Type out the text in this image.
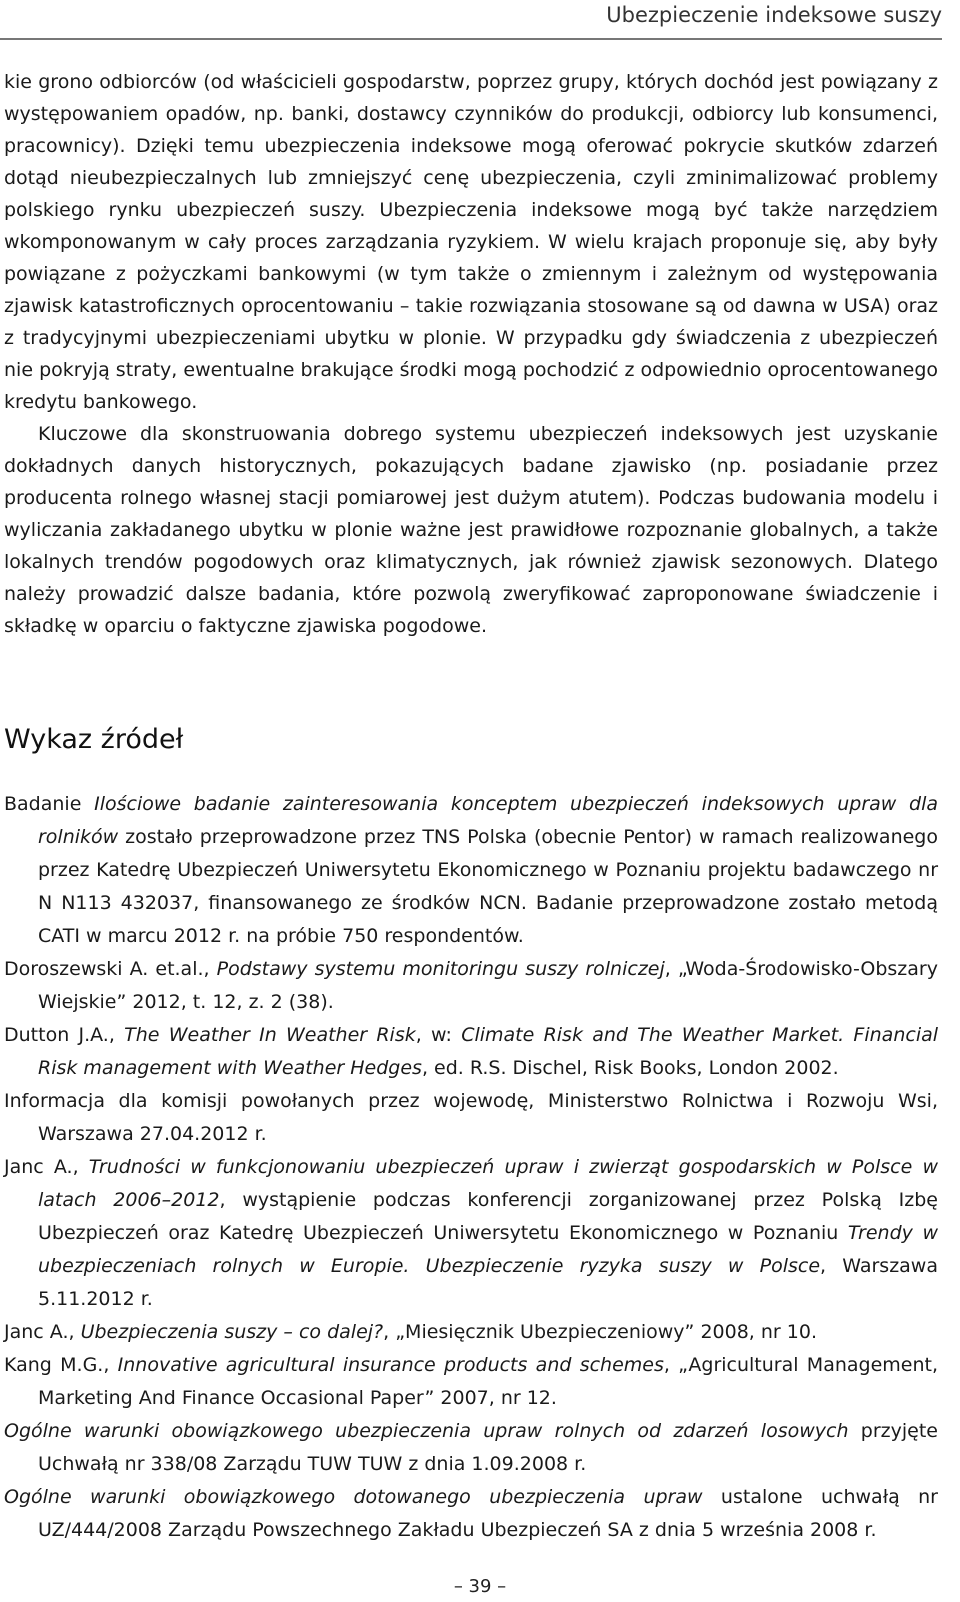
Ubezpieczenie indeksowe suszy

kie grono odbiorców (od właścicieli gospodarstw, poprzez grupy, których dochód jest powiązany z występowaniem opadów, np. banki, dostawcy czynników do produkcji, odbiorcy lub konsumenci, pracownicy). Dzięki temu ubezpieczenia indeksowe mogą oferować pokrycie skutków zdarzeń dotąd nieubezpieczalnych lub zmniejszyć cenę ubezpieczenia, czyli zminimalizować problemy polskiego rynku ubezpieczeń suszy. Ubezpieczenia indeksowe mogą być także narzędziem wkomponowanym w cały proces zarządzania ryzykiem. W wielu krajach proponuje się, aby były powiązane z pożyczkami bankowymi (w tym także o zmiennym i zależnym od występowania zjawisk katastroficznych oprocentowaniu – takie rozwiązania stosowane są od dawna w USA) oraz z tradycyjnymi ubezpieczeniami ubytku w plonie. W przypadku gdy świadczenia z ubezpieczeń nie pokryją straty, ewentualne brakujące środki mogą pochodzić z odpowiednio oprocentowanego kredytu bankowego.

Kluczowe dla skonstruowania dobrego systemu ubezpieczeń indeksowych jest uzyskanie dokładnych danych historycznych, pokazujących badane zjawisko (np. posiadanie przez producenta rolnego własnej stacji pomiarowej jest dużym atutem). Podczas budowania modelu i wyliczania zakładanego ubytku w plonie ważne jest prawidłowe rozpoznanie globalnych, a także lokalnych trendów pogodowych oraz klimatycznych, jak również zjawisk sezonowych. Dlatego należy prowadzić dalsze badania, które pozwolą zweryfikować zaproponowane świadczenie i składkę w oparciu o faktyczne zjawiska pogodowe.

Wykaz źródeł

Badanie Ilościowe badanie zainteresowania konceptem ubezpieczeń indeksowych upraw dla rolników zostało przeprowadzone przez TNS Polska (obecnie Pentor) w ramach realizowanego przez Katedrę Ubezpieczeń Uniwersytetu Ekonomicznego w Poznaniu projektu badawczego nr N N113 432037, finansowanego ze środków NCN. Badanie przeprowadzone zostało metodą CATI w marcu 2012 r. na próbie 750 respondentów.

Doroszewski A. et.al., Podstawy systemu monitoringu suszy rolniczej, „Woda-Środowisko-Obszary Wiejskie” 2012, t. 12, z. 2 (38).

Dutton J.A., The Weather In Weather Risk, w: Climate Risk and The Weather Market. Financial Risk management with Weather Hedges, ed. R.S. Dischel, Risk Books, London 2002.

Informacja dla komisji powołanych przez wojewodę, Ministerstwo Rolnictwa i Rozwoju Wsi, Warszawa 27.04.2012 r.

Janc A., Trudności w funkcjonowaniu ubezpieczeń upraw i zwierząt gospodarskich w Polsce w latach 2006–2012, wystąpienie podczas konferencji zorganizowanej przez Polską Izbę Ubezpieczeń oraz Katedrę Ubezpieczeń Uniwersytetu Ekonomicznego w Poznaniu Trendy w ubezpieczeniach rolnych w Europie. Ubezpieczenie ryzyka suszy w Polsce, Warszawa 5.11.2012 r.

Janc A., Ubezpieczenia suszy – co dalej?, „Miesięcznik Ubezpieczeniowy” 2008, nr 10.

Kang M.G., Innovative agricultural insurance products and schemes, „Agricultural Management, Marketing And Finance Occasional Paper” 2007, nr 12.

Ogólne warunki obowiązkowego ubezpieczenia upraw rolnych od zdarzeń losowych przyjęte Uchwałą nr 338/08 Zarządu TUW TUW z dnia 1.09.2008 r.

Ogólne warunki obowiązkowego dotowanego ubezpieczenia upraw ustalone uchwałą nr UZ/444/2008 Zarządu Powszechnego Zakładu Ubezpieczeń SA z dnia 5 września 2008 r.

– 39 –
